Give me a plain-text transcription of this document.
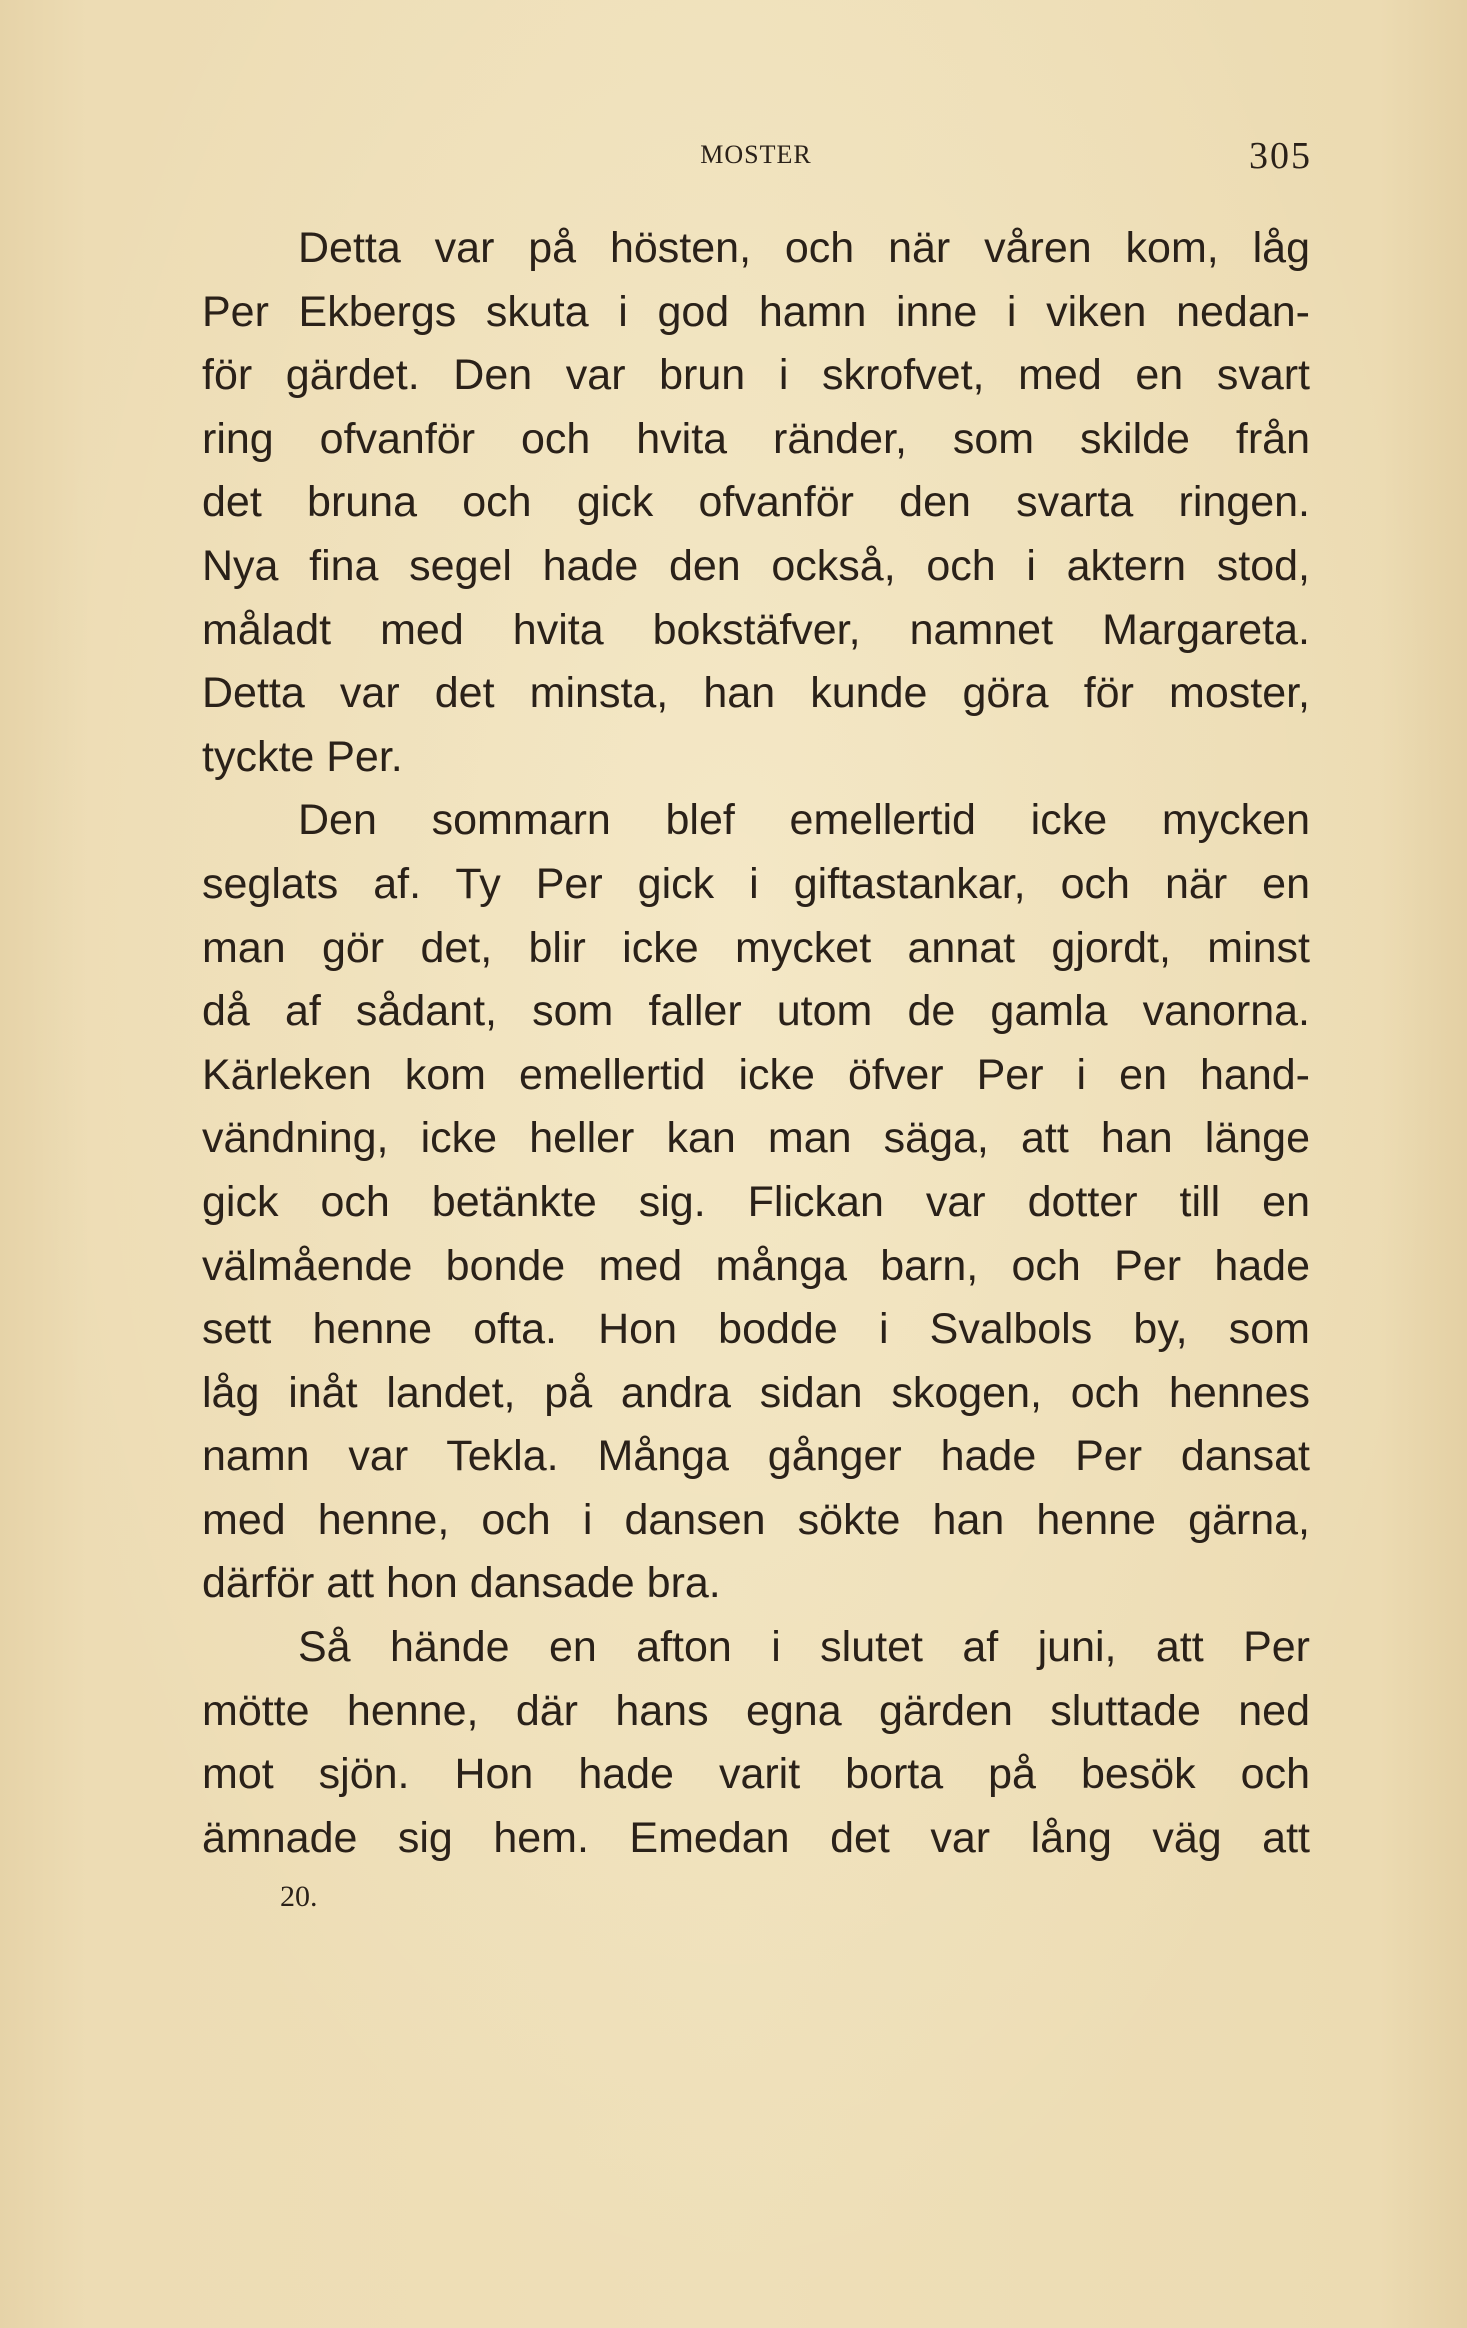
MOSTER	305
Detta var på hösten, och när våren kom, låg
Per Ekbergs skuta i god hamn inne i viken nedan-
för gärdet. Den var brun i skrofvet, med en svart
ring ofvanför och hvita ränder, som skilde från
det bruna och gick ofvanför den svarta ringen.
Nya fina segel hade den också, och i aktern stod,
måladt med hvita bokstäfver, namnet Margareta.
Detta var det minsta, han kunde göra för moster,
tyckte Per.
Den sommarn blef emellertid icke mycken
seglats af. Ty Per gick i giftastankar, och när en
man gör det, blir icke mycket annat gjordt, minst
då af sådant, som faller utom de gamla vanorna.
Kärleken kom emellertid icke öfver Per i en hand-
vändning, icke heller kan man säga, att han länge
gick och betänkte sig. Flickan var dotter till en
välmående bonde med många barn, och Per hade
sett henne ofta. Hon bodde i Svalbols by, som
låg inåt landet, på andra sidan skogen, och hennes
namn var Tekla. Många gånger hade Per dansat
med henne, och i dansen sökte han henne gärna,
därför att hon dansade bra.
Så hände en afton i slutet af juni, att Per
mötte henne, där hans egna gärden sluttade ned
mot sjön. Hon hade varit borta på besök och
ämnade sig hem. Emedan det var lång väg att
20.
